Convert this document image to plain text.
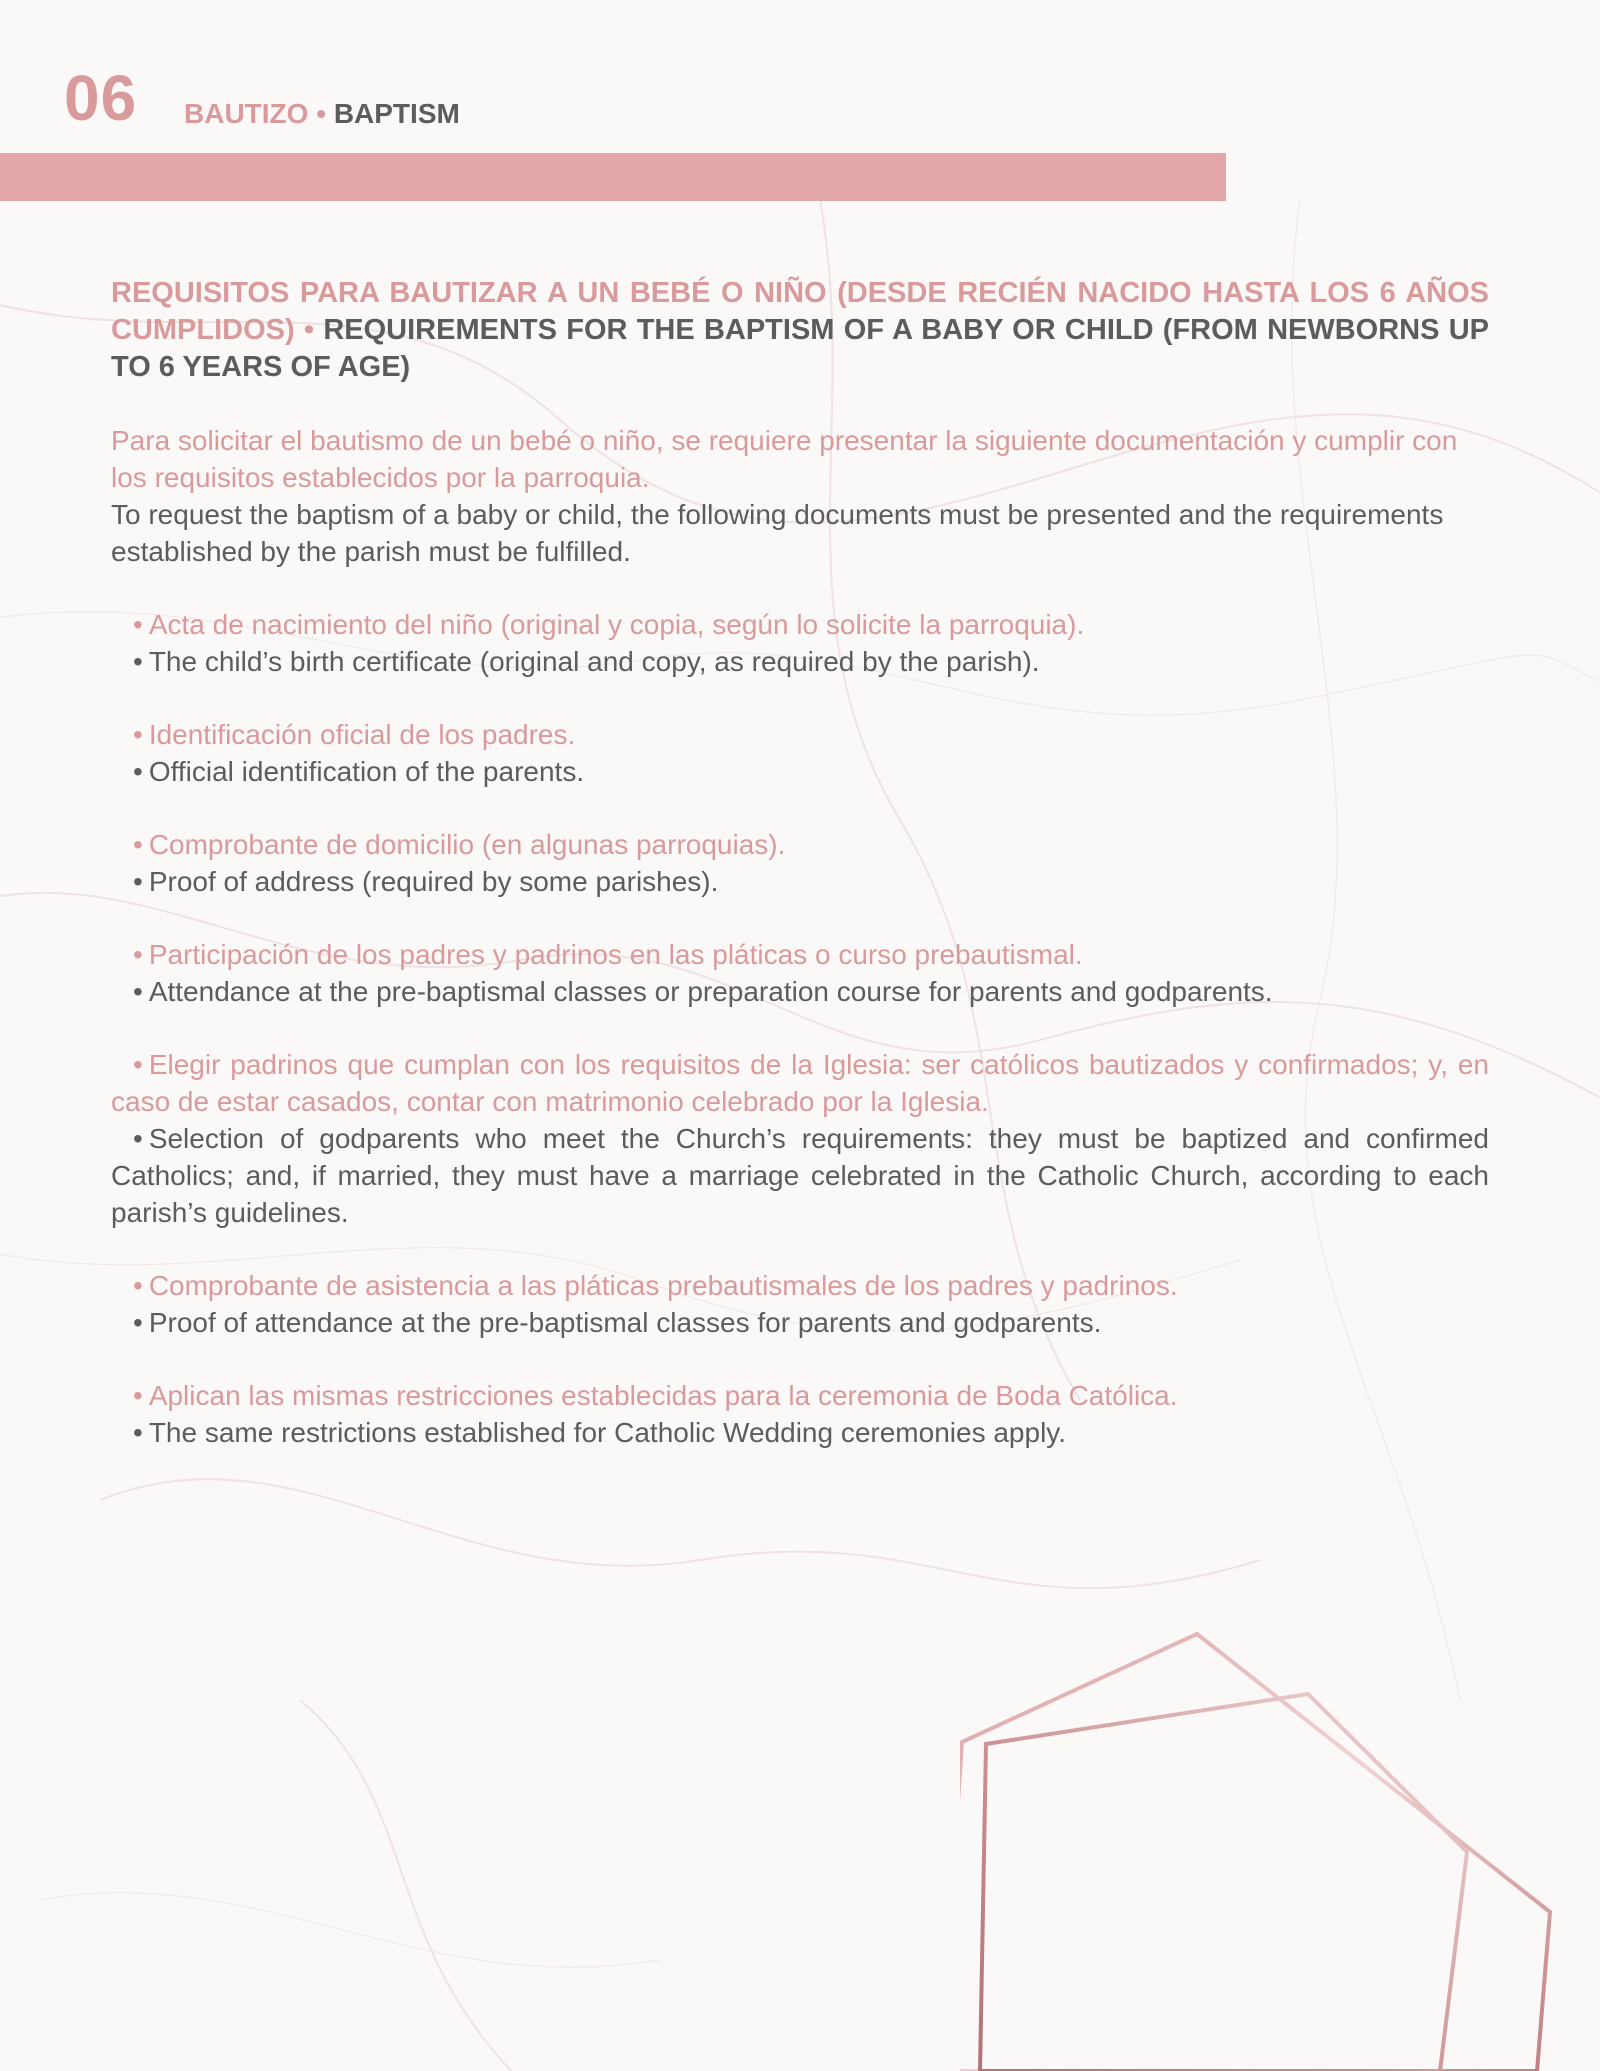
06 BAUTIZO • BAPTISM
REQUISITOS PARA BAUTIZAR A UN BEBÉ O NIÑO (DESDE RECIÉN NACIDO HASTA LOS 6 AÑOS CUMPLIDOS) • REQUIREMENTS FOR THE BAPTISM OF A BABY OR CHILD (FROM NEWBORNS UP TO 6 YEARS OF AGE)

Para solicitar el bautismo de un bebé o niño, se requiere presentar la siguiente documentación y cumplir con los requisitos establecidos por la parroquia.

To request the baptism of a baby or child, the following documents must be presented and the requirements established by the parish must be fulfilled.

• Acta de nacimiento del niño (original y copia, según lo solicite la parroquia).

• The child’s birth certificate (original and copy, as required by the parish).

• Identificación oficial de los padres.

• Official identification of the parents.

• Comprobante de domicilio (en algunas parroquias).

• Proof of address (required by some parishes).

• Participación de los padres y padrinos en las pláticas o curso prebautismal.

• Attendance at the pre-baptismal classes or preparation course for parents and godparents.

• Elegir padrinos que cumplan con los requisitos de la Iglesia: ser católicos bautizados y confirmados; y, en caso de estar casados, contar con matrimonio celebrado por la Iglesia.

• Selection of godparents who meet the Church’s requirements: they must be baptized and confirmed Catholics; and, if married, they must have a marriage celebrated in the Catholic Church, according to each parish’s guidelines.

• Comprobante de asistencia a las pláticas prebautismales de los padres y padrinos.

• Proof of attendance at the pre-baptismal classes for parents and godparents.

• Aplican las mismas restricciones establecidas para la ceremonia de Boda Católica.

• The same restrictions established for Catholic Wedding ceremonies apply.
